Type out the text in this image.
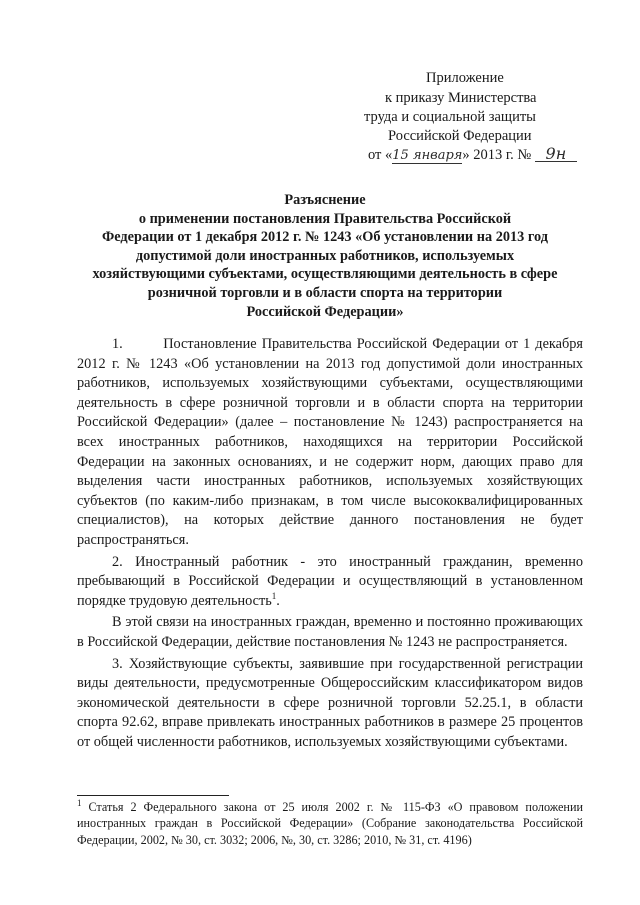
Приложение
к приказу Министерства
труда и социальной защиты
Российской Федерации
от «15 января» 2013 г. № 9н
Разъяснение
о применении постановления Правительства Российской
Федерации от 1 декабря 2012 г. № 1243 «Об установлении на 2013 год
допустимой доли иностранных работников, используемых
хозяйствующими субъектами, осуществляющими деятельность в сфере
розничной торговли и в области спорта на территории
Российской Федерации»

1.        Постановление Правительства Российской Федерации от 1 декабря 2012 г. № 1243 «Об установлении на 2013 год допустимой доли иностранных работников, используемых хозяйствующими субъектами, осуществляющими деятельность в сфере розничной торговли и в области спорта на территории Российской Федерации» (далее – постановление № 1243) распространяется на всех иностранных работников, находящихся на территории Российской Федерации на законных основаниях, и не содержит норм, дающих право для выделения части иностранных работников, используемых хозяйствующих субъектов (по каким-либо признакам, в том числе высококвалифицированных специалистов), на которых действие данного постановления не будет распространяться.

2. Иностранный работник - это иностранный гражданин, временно пребывающий в Российской Федерации и осуществляющий в установленном порядке трудовую деятельность$^1$.

В этой связи на иностранных граждан, временно и постоянно проживающих в Российской Федерации, действие постановления № 1243 не распространяется.

3. Хозяйствующие субъекты, заявившие при государственной регистрации виды деятельности, предусмотренные Общероссийским классификатором видов экономической деятельности в сфере розничной торговли 52.25.1, в области спорта 92.62, вправе привлекать иностранных работников в размере 25 процентов от общей численности работников, используемых хозяйствующими субъектами.

$^1$ Статья 2 Федерального закона от 25 июля 2002 г. № 115-ФЗ «О правовом положении иностранных граждан в Российской Федерации» (Собрание законодательства Российской Федерации, 2002, № 30, ст. 3032; 2006, №, 30, ст. 3286; 2010, № 31, ст. 4196)
